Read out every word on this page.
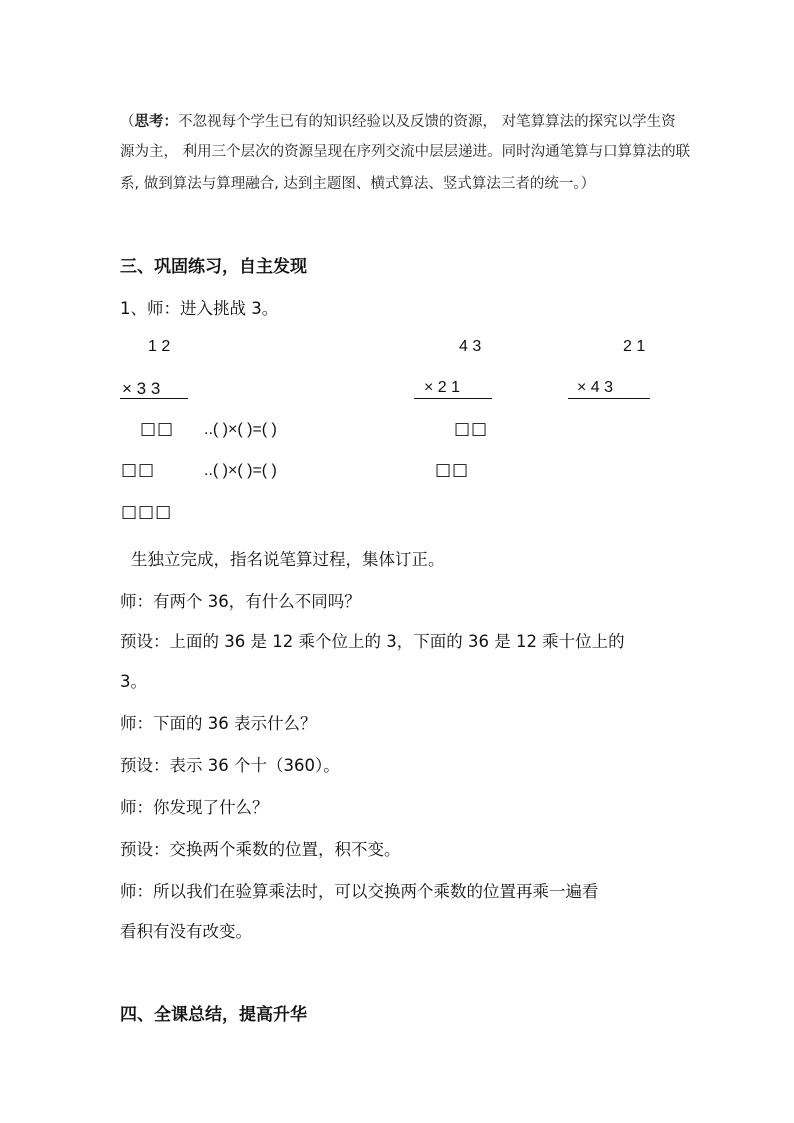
（思考：不忽视每个学生已有的知识经验以及反馈的资源， 对笔算算法的探究以学生资
源为主， 利用三个层次的资源呈现在序列交流中层层递进。同时沟通笔算与口算算法的联
系, 做到算法与算理融合, 达到主题图、横式算法、竖式算法三者的统一。）
三、巩固练习，自主发现
1、师：进入挑战 3。
1 2
× 3 3
4 3
× 2 1
2 1
× 4 3
□□ ..( )×( )=( )	□□
□□	..( )×( )=( )	□□
□□□
生独立完成，指名说笔算过程，集体订正。
师：有两个 36，有什么不同吗？
预设：上面的 36 是 12 乘个位上的 3，下面的 36 是 12 乘十位上的
3。
师：下面的 36 表示什么？
预设：表示 36 个十（360）。
师：你发现了什么？
预设：交换两个乘数的位置，积不变。
师：所以我们在验算乘法时，可以交换两个乘数的位置再乘一遍看
看积有没有改变。
四、全课总结，提高升华
